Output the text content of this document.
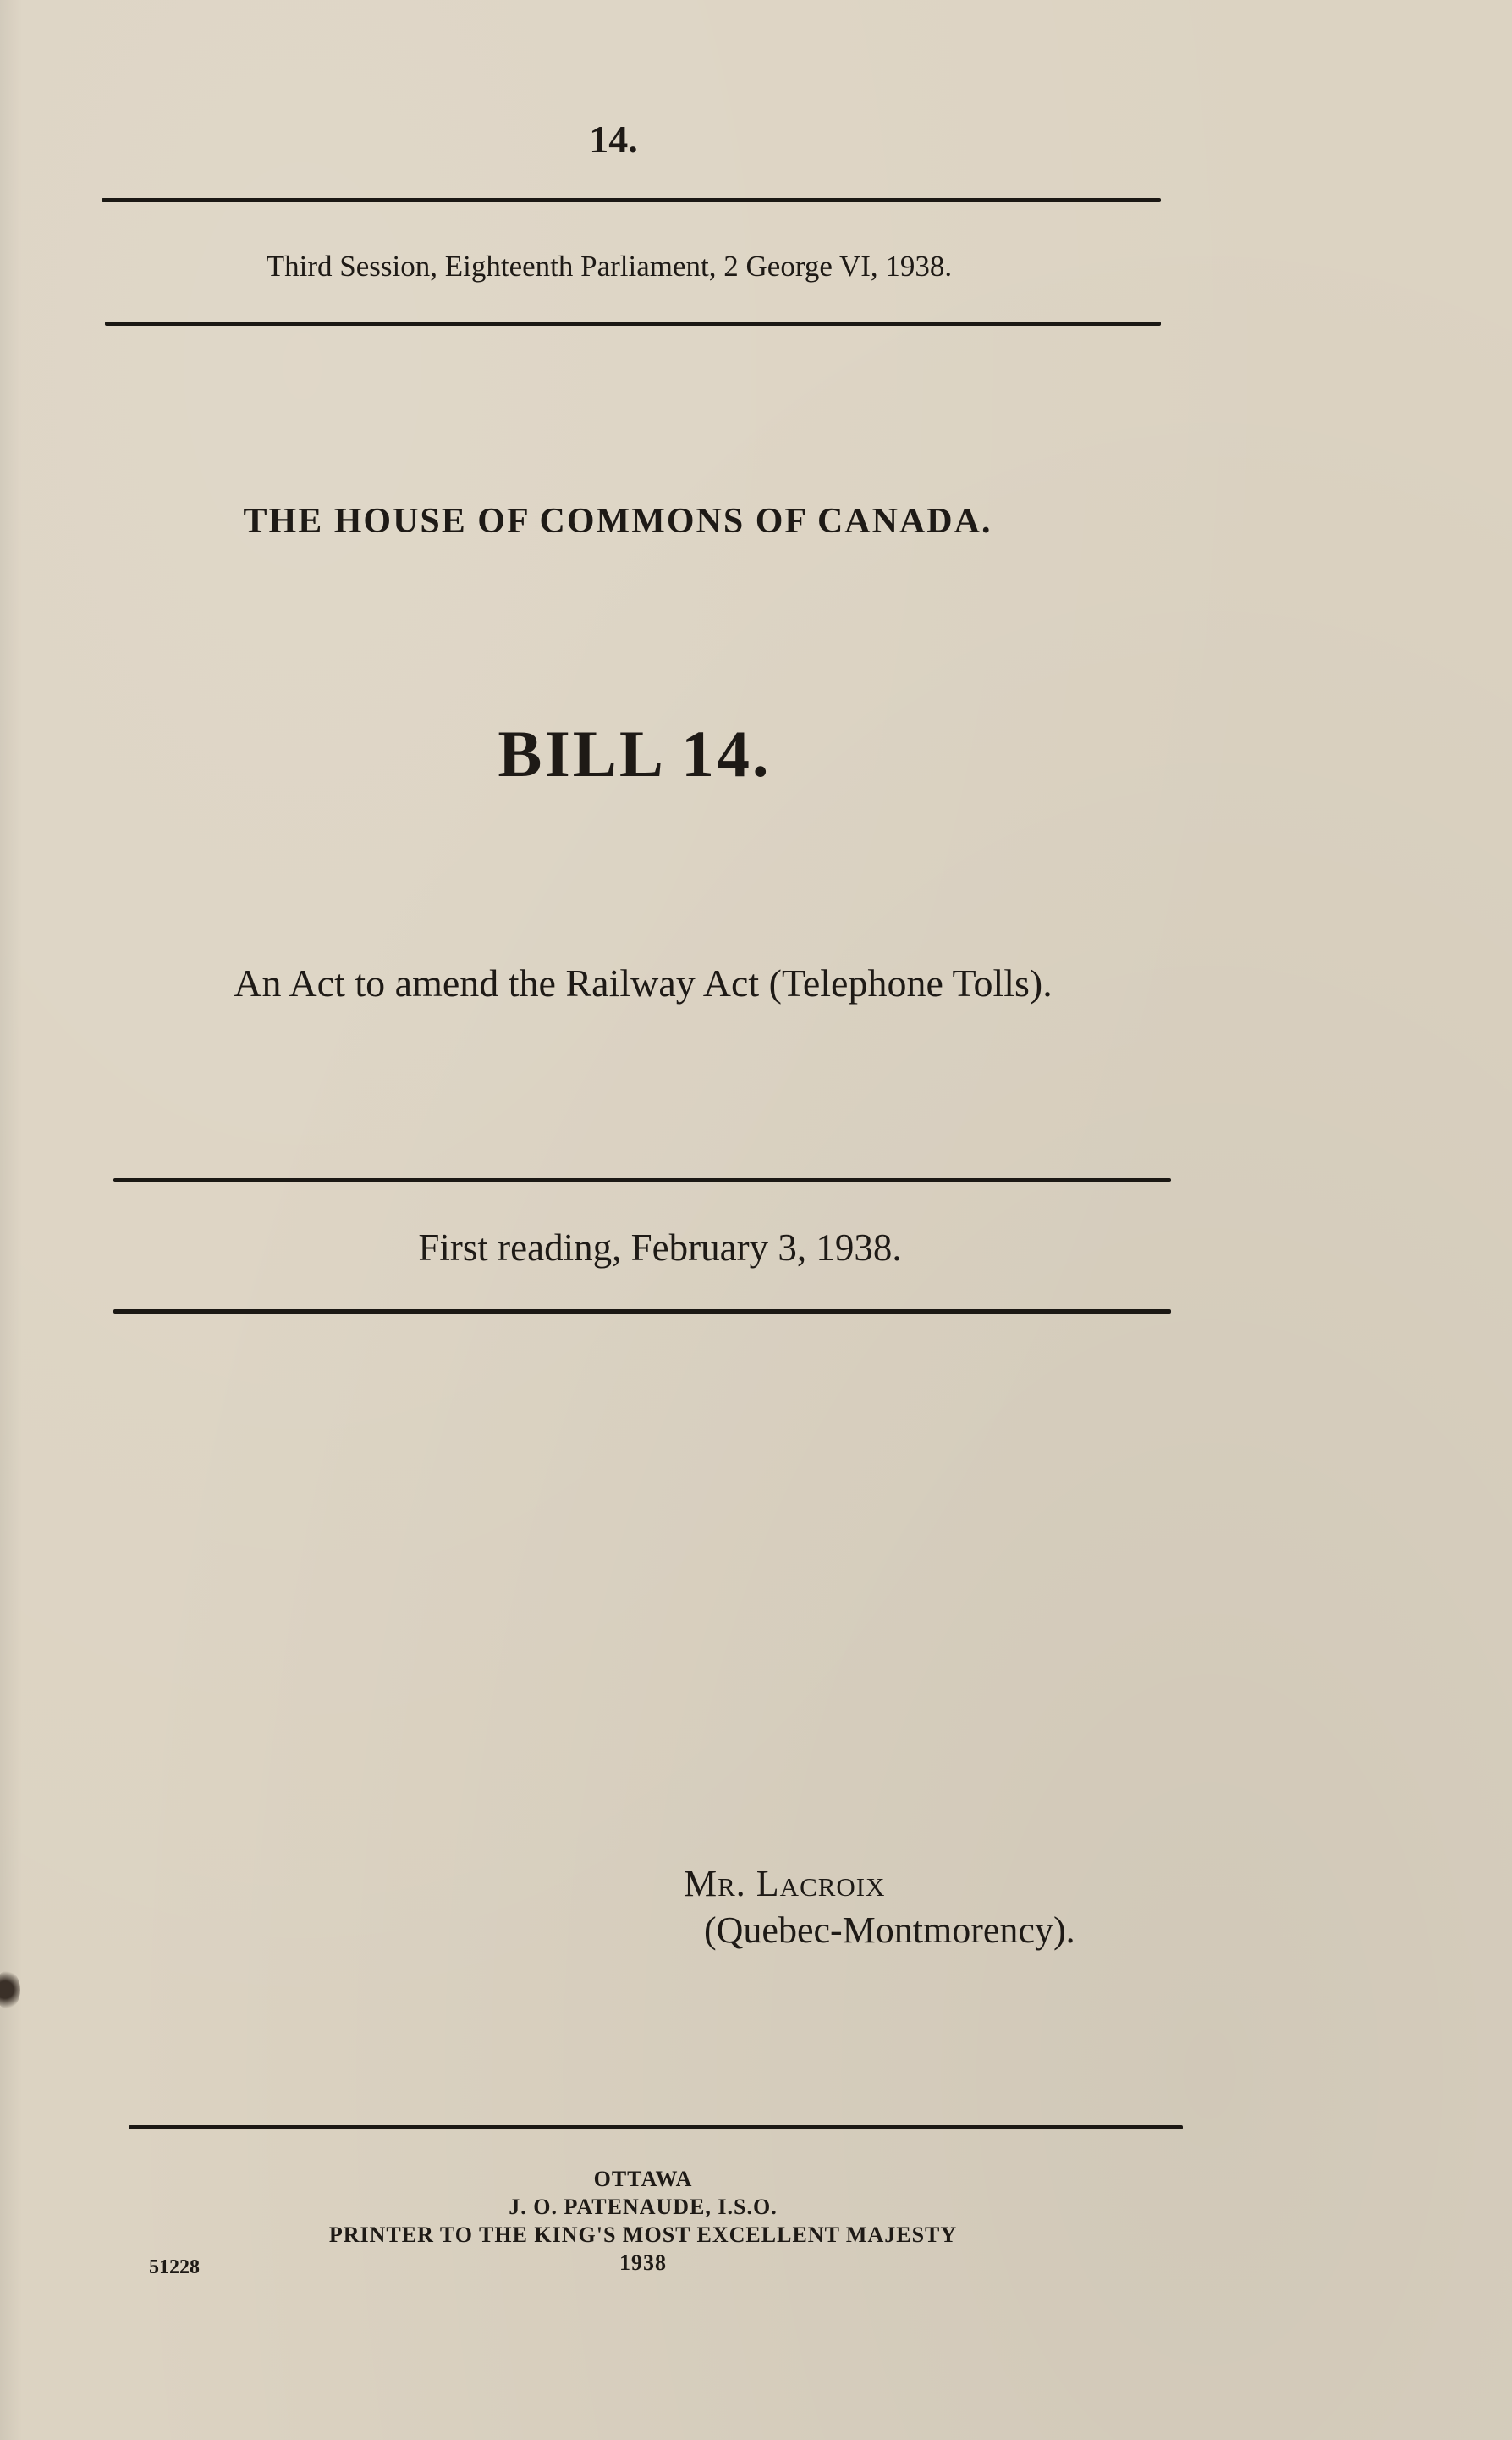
14.
Third Session, Eighteenth Parliament, 2 George VI, 1938.
THE HOUSE OF COMMONS OF CANADA.
BILL 14.
An Act to amend the Railway Act (Telephone Tolls).
First reading, February 3, 1938.
Mr. Lacroix
(Quebec-Montmorency).
OTTAWA
J. O. PATENAUDE, I.S.O.
PRINTER TO THE KING'S MOST EXCELLENT MAJESTY
1938
51228
